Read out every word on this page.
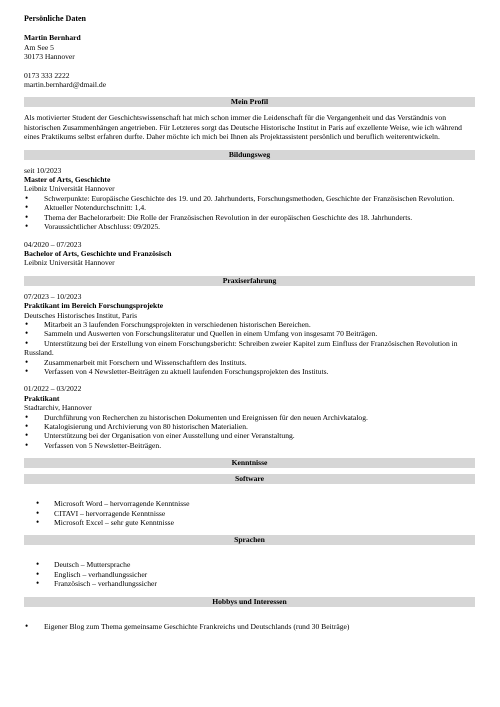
Persönliche Daten
Martin Bernhard
Am See 5
30173 Hannover
0173 333 2222
martin.bernhard@dmail.de
Mein Profil
Als motivierter Student der Geschichtswissenschaft hat mich schon immer die Leidenschaft für die Vergangenheit und das Verständnis von historischen Zusammenhängen angetrieben. Für Letzteres sorgt das Deutsche Historische Institut in Paris auf exzellente Weise, wie ich während eines Praktikums selbst erfahren durfte. Daher möchte ich mich bei Ihnen als Projektassistent persönlich und beruflich weiterentwickeln.
Bildungsweg
seit 10/2023
Master of Arts, Geschichte
Leibniz Universität Hannover
• Schwerpunkte: Europäische Geschichte des 19. und 20. Jahrhunderts, Forschungsmethoden, Geschichte der Französischen Revolution.
• Aktueller Notendurchschnitt: 1,4.
• Thema der Bachelorarbeit: Die Rolle der Französischen Revolution in der europäischen Geschichte des 18. Jahrhunderts.
• Voraussichtlicher Abschluss: 09/2025.
04/2020 – 07/2023
Bachelor of Arts, Geschichte und Französisch
Leibniz Universität Hannover
Praxiserfahrung
07/2023 – 10/2023
Praktikant im Bereich Forschungsprojekte
Deutsches Historisches Institut, Paris
• Mitarbeit an 3 laufenden Forschungsprojekten in verschiedenen historischen Bereichen.
• Sammeln und Auswerten von Forschungsliteratur und Quellen in einem Umfang von insgesamt 70 Beiträgen.
• Unterstützung bei der Erstellung von einem Forschungsbericht: Schreiben zweier Kapitel zum Einfluss der Französischen Revolution in Russland.
• Zusammenarbeit mit Forschern und Wissenschaftlern des Instituts.
• Verfassen von 4 Newsletter-Beiträgen zu aktuell laufenden Forschungsprojekten des Instituts.
01/2022 – 03/2022
Praktikant
Stadtarchiv, Hannover
• Durchführung von Recherchen zu historischen Dokumenten und Ereignissen für den neuen Archivkatalog.
• Katalogisierung und Archivierung von 80 historischen Materialien.
• Unterstützung bei der Organisation von einer Ausstellung und einer Veranstaltung.
• Verfassen von 5 Newsletter-Beiträgen.
Kenntnisse
Software
• Microsoft Word – hervorragende Kenntnisse
• CITAVI – hervorragende Kenntnisse
• Microsoft Excel – sehr gute Kenntnisse
Sprachen
• Deutsch – Muttersprache
• Englisch – verhandlungssicher
• Französisch – verhandlungssicher
Hobbys und Interessen
• Eigener Blog zum Thema gemeinsame Geschichte Frankreichs und Deutschlands (rund 30 Beiträge)
